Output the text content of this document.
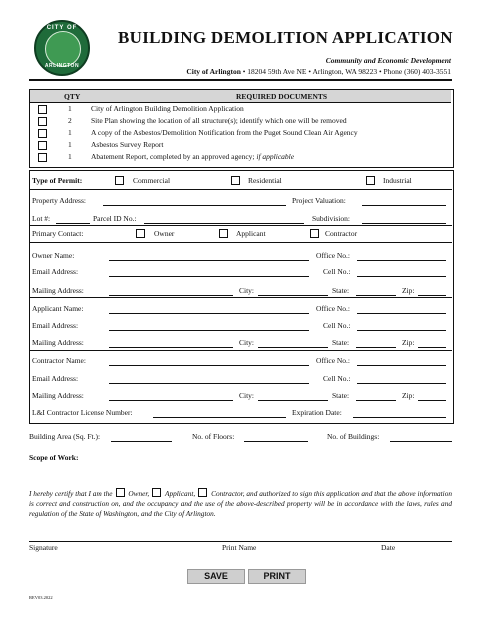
CITY OF
ARLINGTON
BUILDING DEMOLITION APPLICATION
Community and Economic Development
City of Arlington • 18204 59th Ave NE • Arlington, WA 98223 • Phone (360) 403-3551
QTY	REQUIRED DOCUMENTS
1	City of Arlington Building Demolition Application
2	Site Plan showing the location of all structure(s); identify which one will be removed
1	A copy of the Asbestos/Demolition Notification from the Puget Sound Clean Air Agency
1	Asbestos Survey Report
1	Abatement Report, completed by an approved agency; if applicable
Type of Permit:	Commercial	Residential	Industrial
Property Address:	Project Valuation:
Lot #:	Parcel ID No.:	Subdivision:
Primary Contact:	Owner	Applicant	Contractor
Owner Name:	Office No.:
Email Address:	Cell No.:
Mailing Address:	City:	State:	Zip:
Applicant Name:	Office No.:
Email Address:	Cell No.:
Mailing Address:	City:	State:	Zip:
Contractor Name:	Office No.:
Email Address:	Cell No.:
Mailing Address:	City:	State:	Zip:
L&I Contractor License Number:	Expiration Date:
Building Area (Sq. Ft.):	No. of Floors:	No. of Buildings:
Scope of Work:
I hereby certify that I am the Owner, Applicant, Contractor, and authorized to sign this application and that the above information is correct and construction on, and the occupancy and the use of the above-described property will be in accordance with the laws, rules and regulation of the State of Washington, and the City of Arlington.
Signature	Print Name	Date
SAVE	PRINT
REV03.2022
